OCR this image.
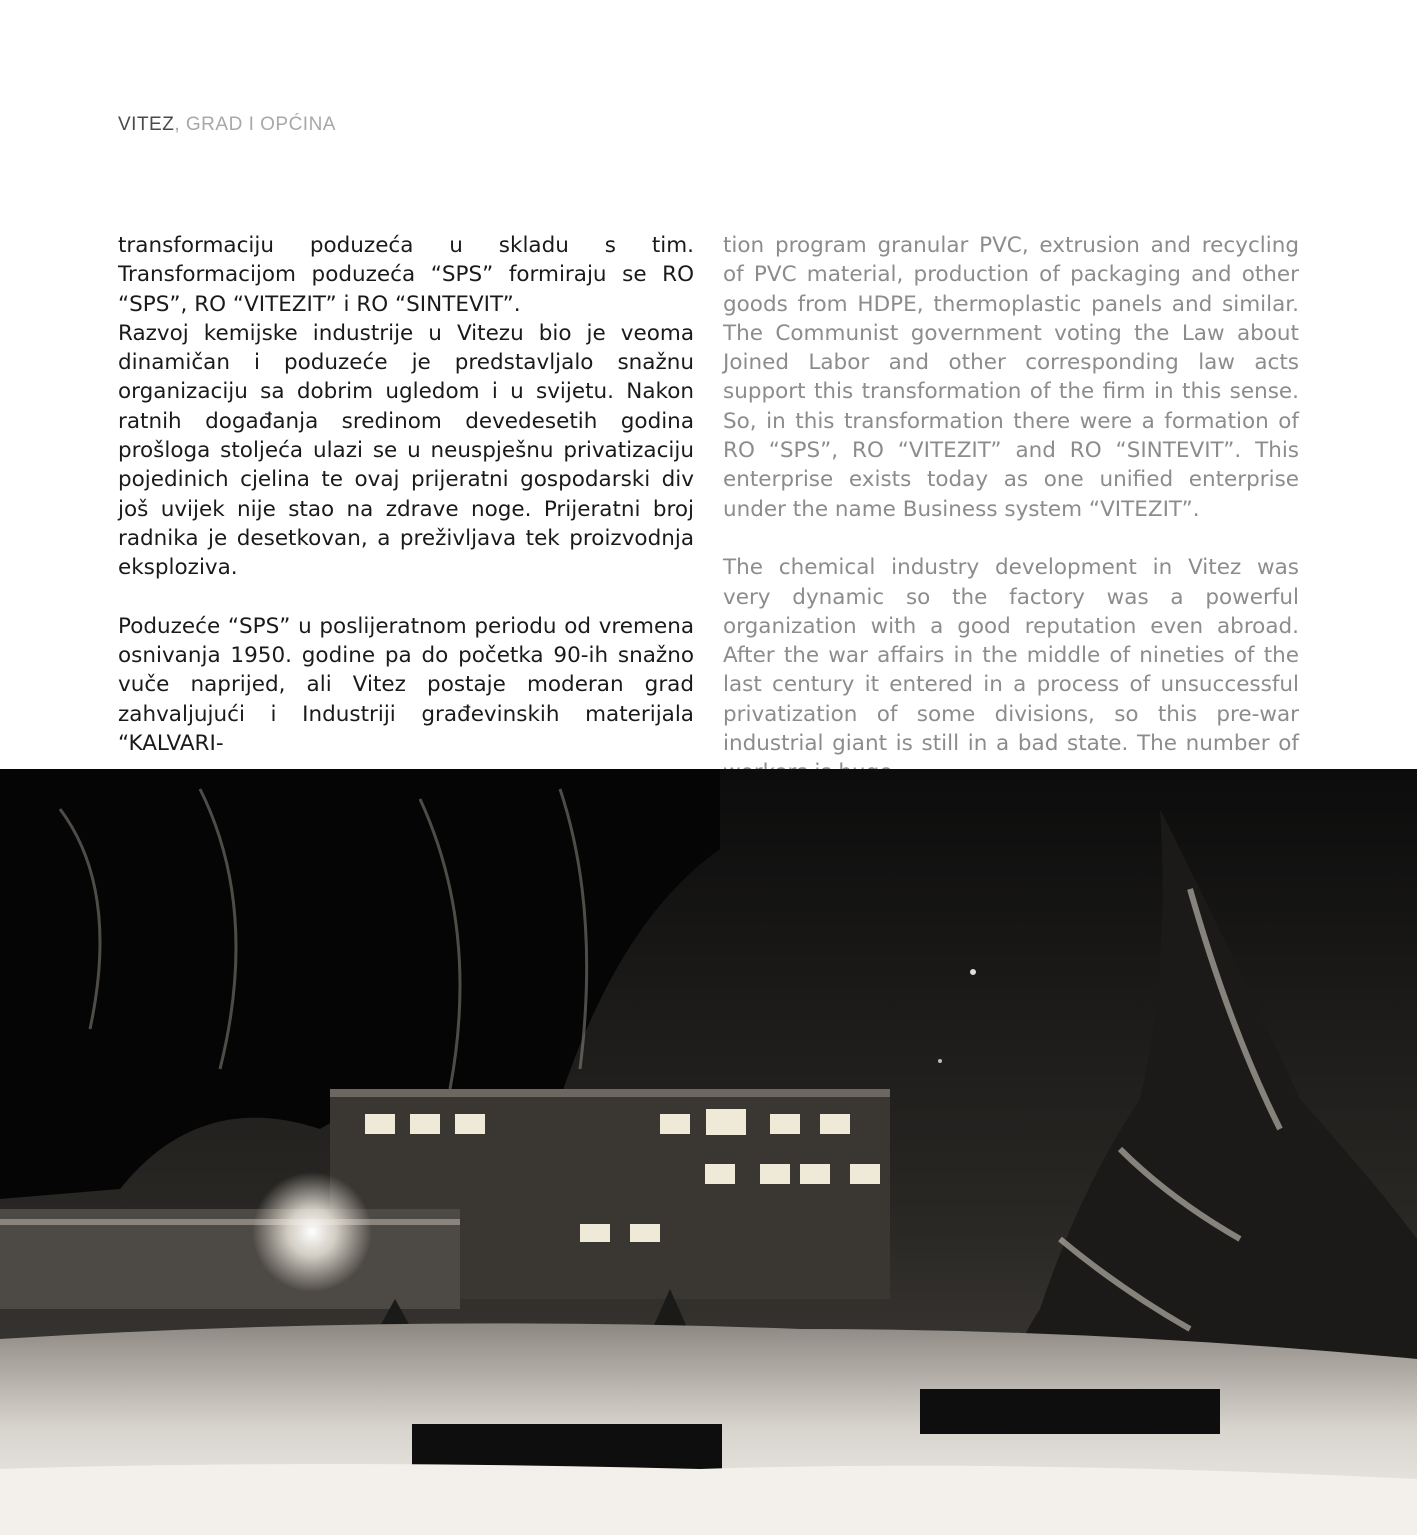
VITEZ, GRAD I OPĆINA

transformaciju poduzeća u skladu s tim. Transformacijom poduzeća “SPS” formiraju se RO “SPS”, RO “VITEZIT” i RO “SINTEVIT”.

Razvoj kemijske industrije u Vitezu bio je veoma dinamičan i poduzeće je predstavljalo snažnu organizaciju sa dobrim ugledom i u svijetu. Nakon ratnih događanja sredinom devedesetih godina prošloga stoljeća ulazi se u neuspješnu privatizaciju pojedinich cjelina te ovaj prijeratni gospodarski div još uvijek nije stao na zdrave noge. Prijeratni broj radnika je desetkovan, a preživljava tek proizvodnja eksploziva.

Poduzeće “SPS” u poslijeratnom periodu od vremena osnivanja 1950. godine pa do početka 90-ih snažno vuče naprijed, ali Vitez postaje moderan grad zahvaljujući i Industriji građevinskih materijala “KALVARI-

tion program granular PVC, extrusion and recycling of PVC material, production of packaging and other goods from HDPE, thermoplastic panels and similar. The Communist government voting the Law about Joined Labor and other corresponding law acts support this transformation of the firm in this sense. So, in this transformation there were a formation of RO “SPS”, RO “VITEZIT” and RO “SINTEVIT”. This enterprise exists today as one unified enterprise under the name Business system “VITEZIT”.

The chemical industry development in Vitez was very dynamic so the factory was a powerful organization with a good reputation even abroad. After the war affairs in the middle of nineties of the last century it entered in a process of unsuccessful privatization of some divisions, so this pre-war industrial giant is still in a bad state. The number of
